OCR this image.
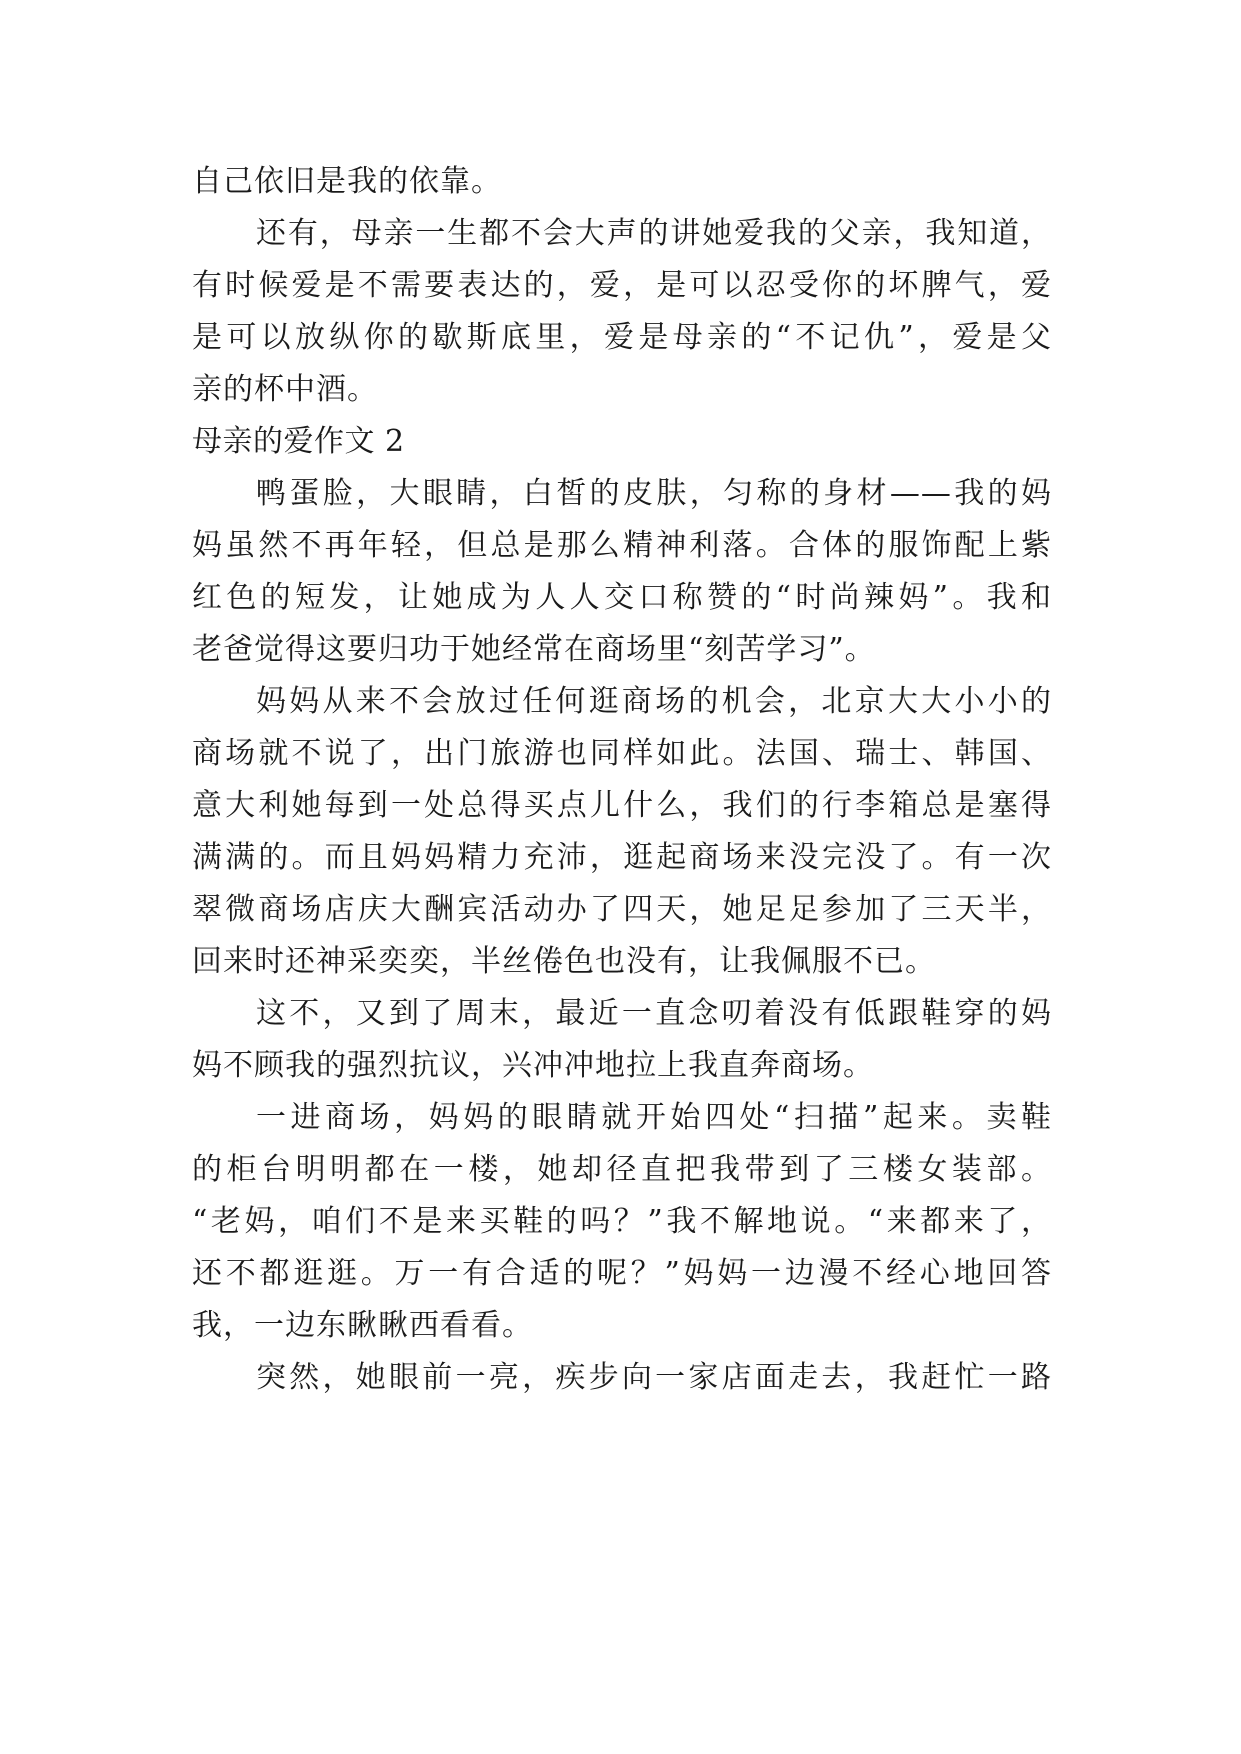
自己依旧是我的依靠。
还有，母亲一生都不会大声的讲她爱我的父亲，我知道，
有时候爱是不需要表达的，爱，是可以忍受你的坏脾气，爱
是可以放纵你的歇斯底里，爱是母亲的“不记仇”，爱是父
亲的杯中酒。
母亲的爱作文 2
鸭蛋脸，大眼睛，白皙的皮肤，匀称的身材——我的妈
妈虽然不再年轻，但总是那么精神利落。合体的服饰配上紫
红色的短发，让她成为人人交口称赞的“时尚辣妈”。我和
老爸觉得这要归功于她经常在商场里“刻苦学习”。
妈妈从来不会放过任何逛商场的机会，北京大大小小的
商场就不说了，出门旅游也同样如此。法国、瑞士、韩国、
意大利她每到一处总得买点儿什么，我们的行李箱总是塞得
满满的。而且妈妈精力充沛，逛起商场来没完没了。有一次
翠微商场店庆大酬宾活动办了四天，她足足参加了三天半，
回来时还神采奕奕，半丝倦色也没有，让我佩服不已。
这不，又到了周末，最近一直念叨着没有低跟鞋穿的妈
妈不顾我的强烈抗议，兴冲冲地拉上我直奔商场。
一进商场，妈妈的眼睛就开始四处“扫描”起来。卖鞋
的柜台明明都在一楼，她却径直把我带到了三楼女装部。
“老妈，咱们不是来买鞋的吗？”我不解地说。“来都来了，
还不都逛逛。万一有合适的呢？”妈妈一边漫不经心地回答
我，一边东瞅瞅西看看。
突然，她眼前一亮，疾步向一家店面走去，我赶忙一路
